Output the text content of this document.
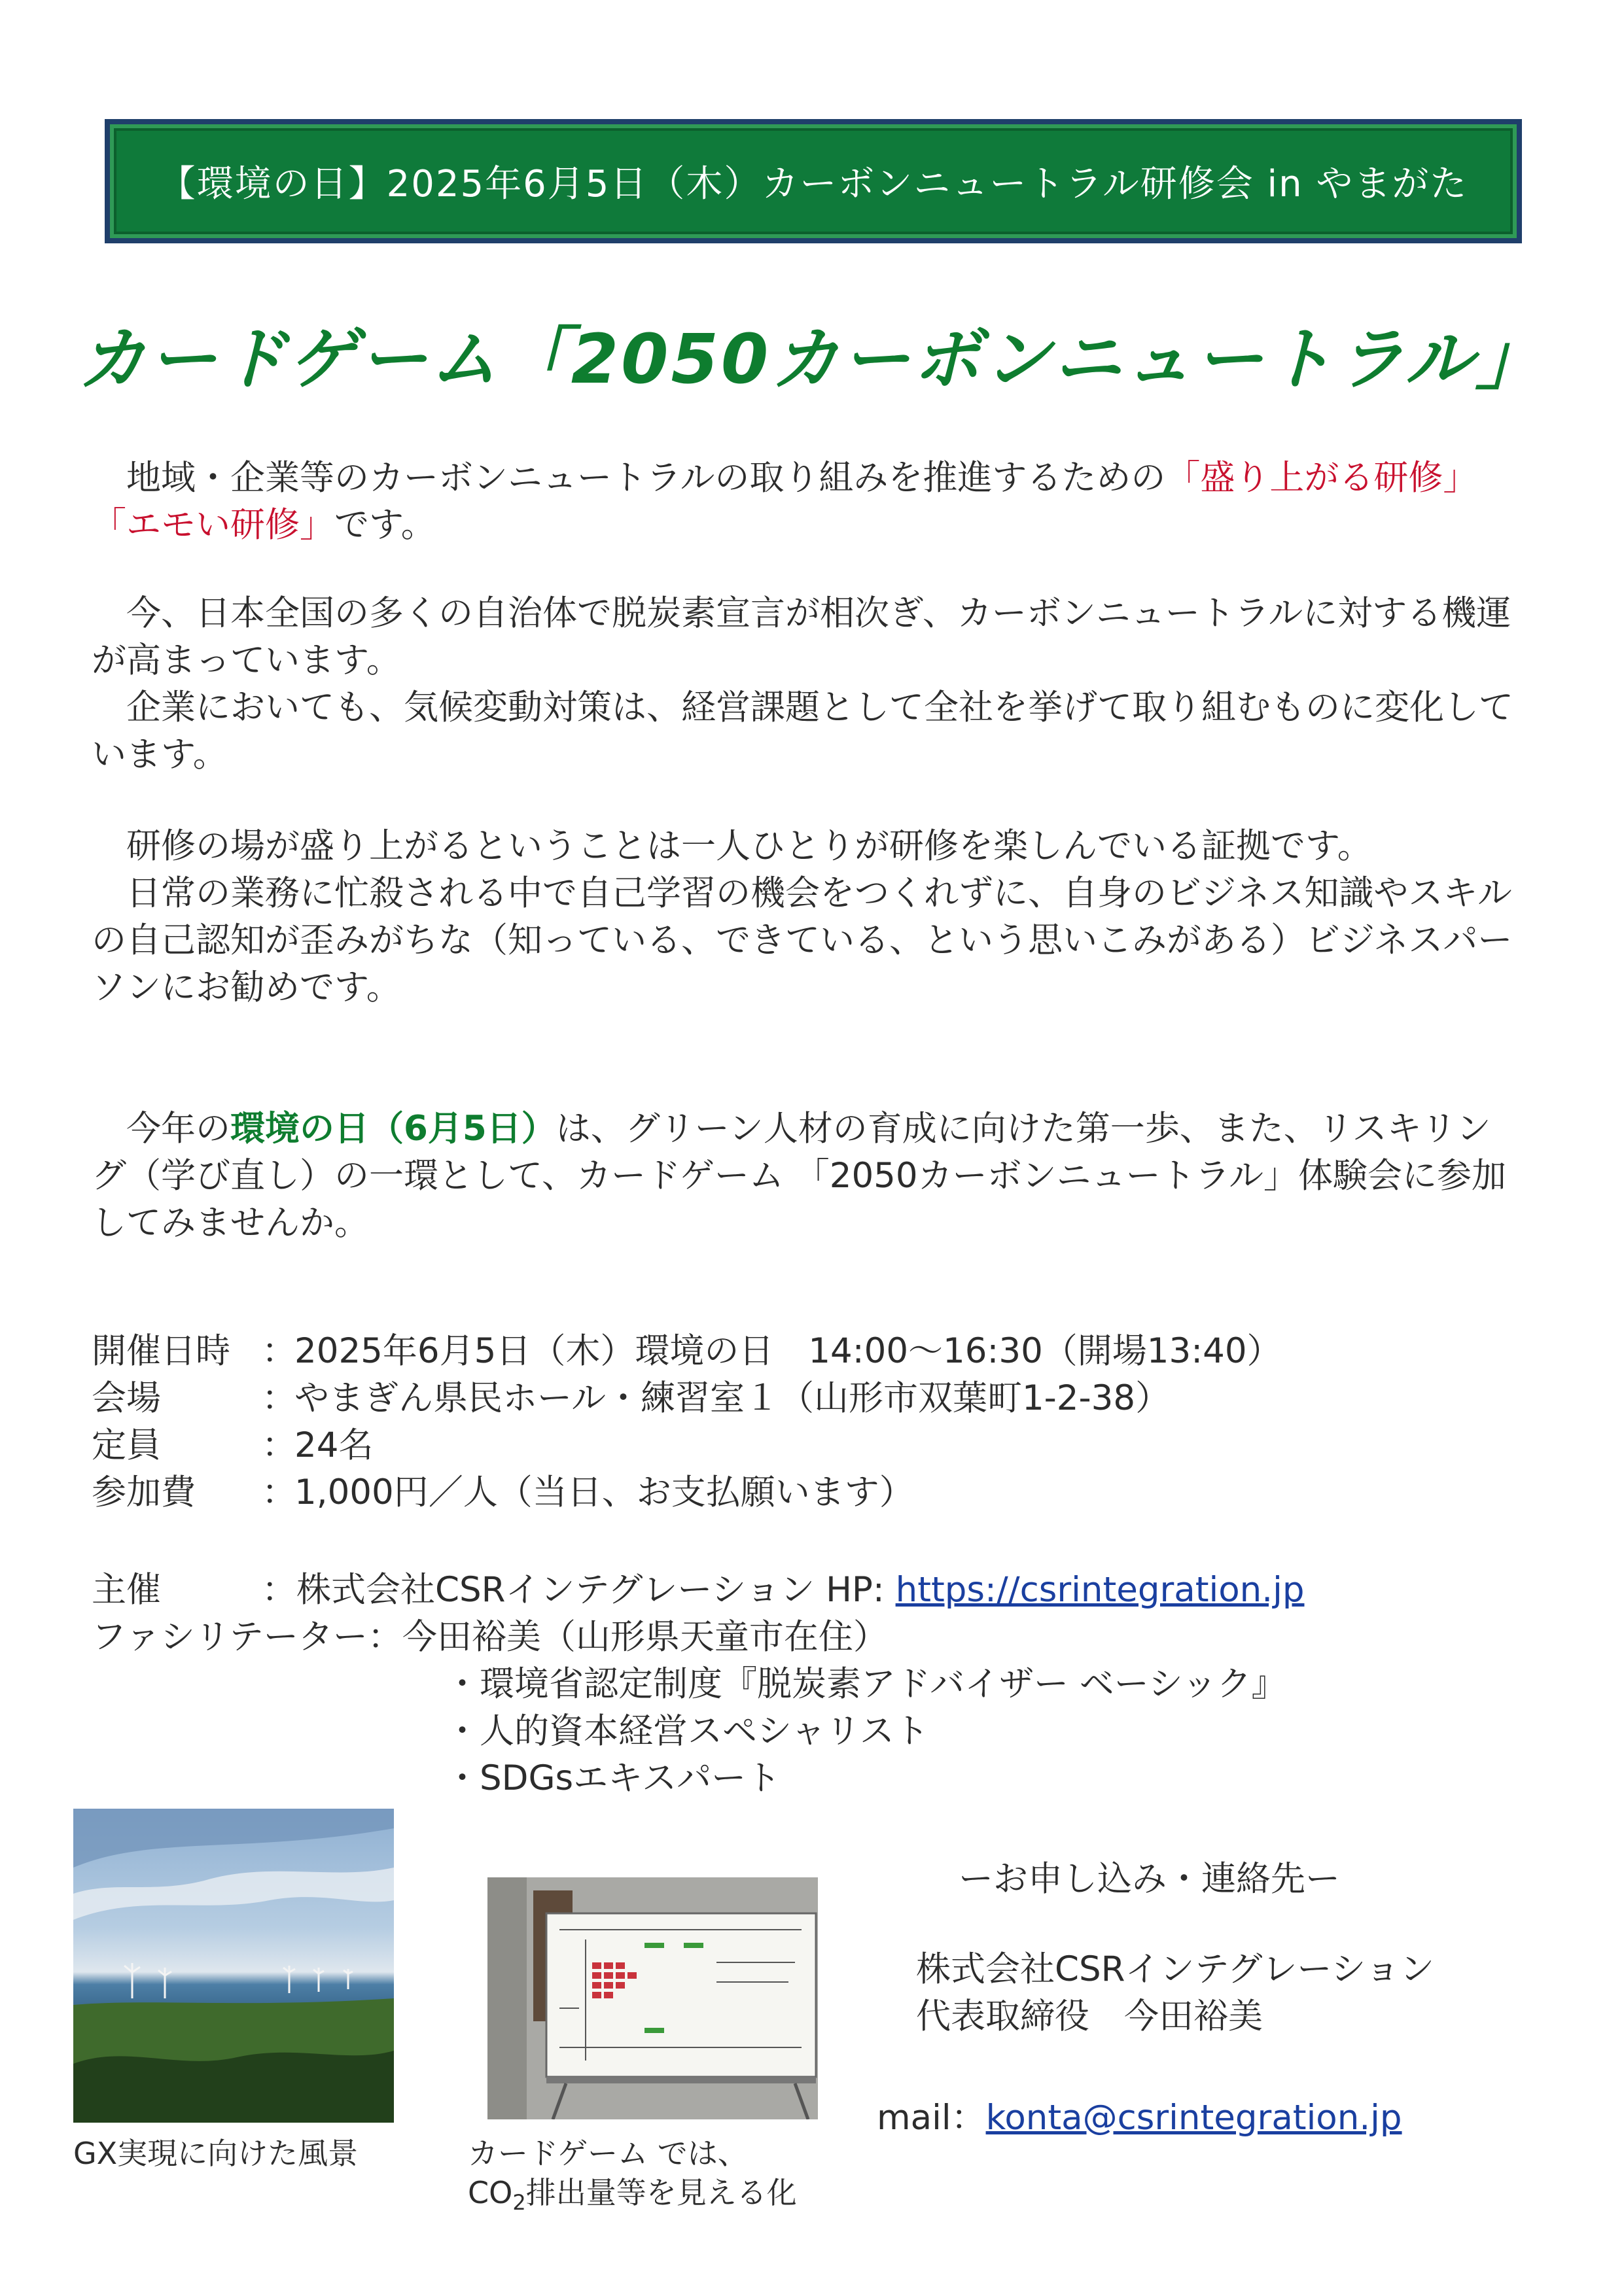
【環境の日】2025年6月5日（木）カーボンニュートラル研修会 in やまがた
カードゲーム「2050カーボンニュートラル」

地域・企業等のカーボンニュートラルの取り組みを推進するための「盛り上がる研修」「エモい研修」です。

今、日本全国の多くの自治体で脱炭素宣言が相次ぎ、カーボンニュートラルに対する機運が高まっています。

企業においても、気候変動対策は、経営課題として全社を挙げて取り組むものに変化しています。

研修の場が盛り上がるということは一人ひとりが研修を楽しんでいる証拠です。

日常の業務に忙殺される中で自己学習の機会をつくれずに、自身のビジネス知識やスキルの自己認知が歪みがちな（知っている、できている、という思いこみがある）ビジネスパーソンにお勧めです。

今年の環境の日（6月5日）は、グリーン人材の育成に向けた第一歩、また、リスキリング（学び直し）の一環として、カードゲーム 「2050カーボンニュートラル」体験会に参加してみませんか。

開催日時 ：
2025年6月5日（木）環境の日　14:00～16:30（開場13:40）
会場	：
やまぎん県民ホール・練習室１（山形市双葉町1-2-38）
定員	：
24名
参加費	：
1,000円／人（当日、お支払願います）
主催	：株式会社CSRインテグレーション HP: https://csrintegration.jp
ファシリテーター：今田裕美（山形県天童市在住）
・環境省認定制度『脱炭素アドバイザー ベーシック』
・人的資本経営スペシャリスト
・SDGsエキスパート
GX実現に向けた風景	カードゲーム では、
$CO_2$排出量等を見える化
ーお申し込み・連絡先ー
株式会社CSRインテグレーション
代表取締役　今田裕美
mail：konta@csrintegration.jp
